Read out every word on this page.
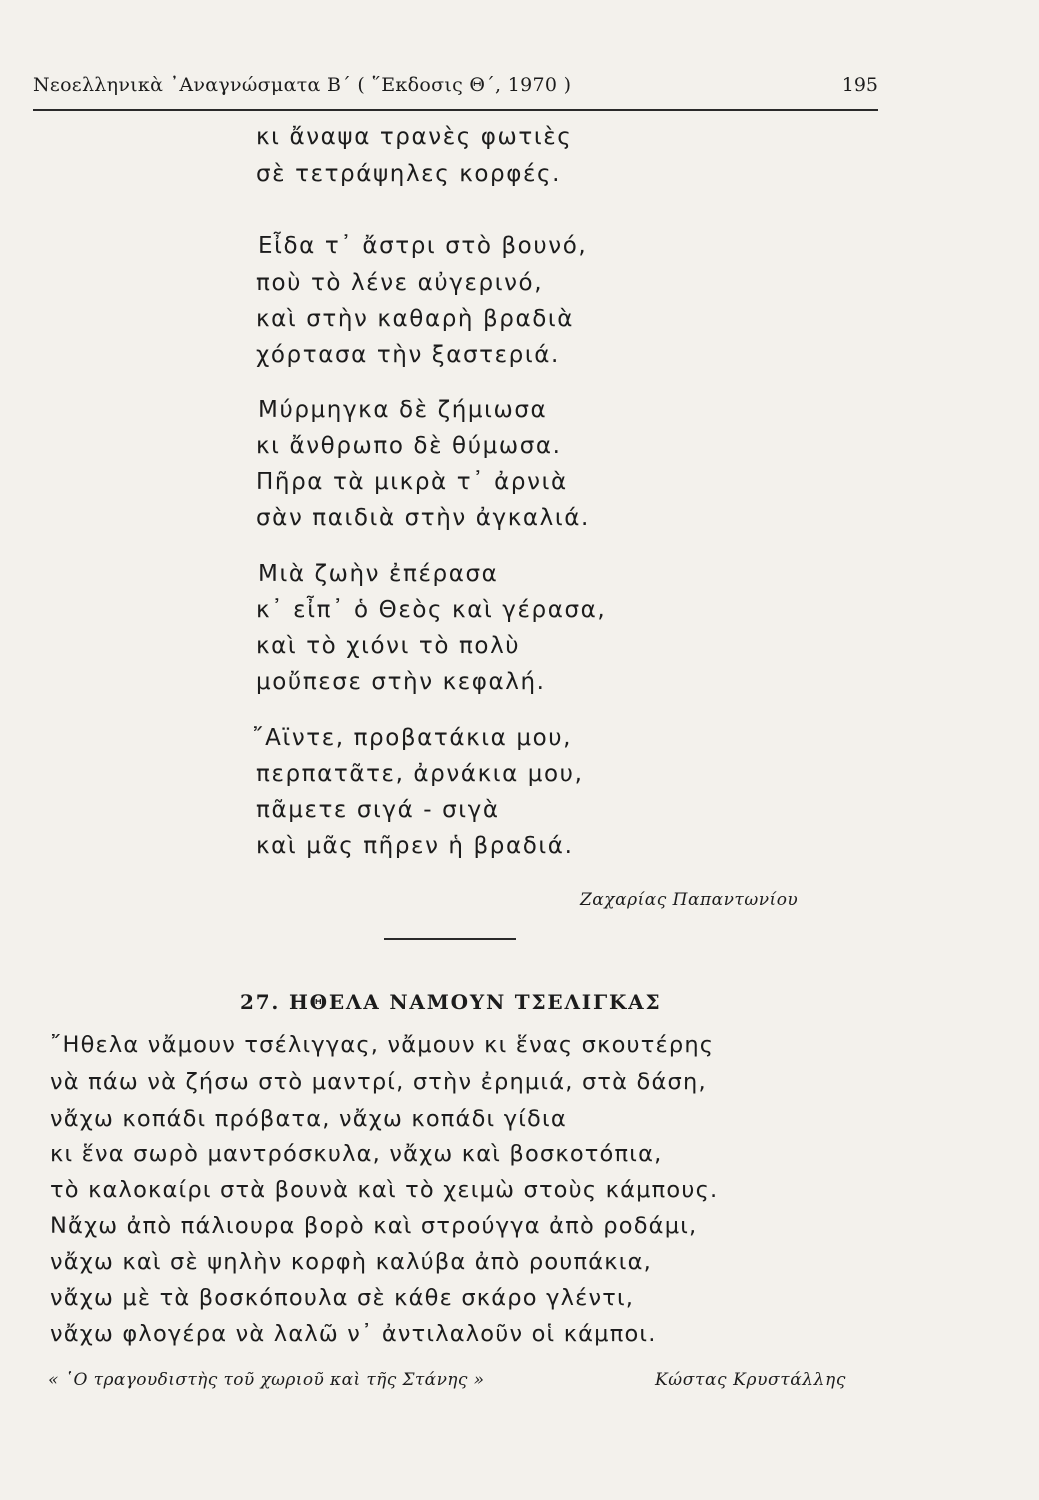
Νεοελληνικὰ ᾿Αναγνώσματα Β΄ ( ῞Εκδοσις Θ΄, 1970 )	195
κι ἄναψα τρανὲς φωτιὲς
σὲ τετράψηλες κορφές.
Εἶδα τ᾿ ἄστρι στὸ βουνό,
ποὺ τὸ λένε αὐγερινό,
καὶ στὴν καθαρὴ βραδιὰ
χόρτασα τὴν ξαστεριά.
Μύρμηγκα δὲ ζήμιωσα
κι ἄνθρωπο δὲ θύμωσα.
Πῆρα τὰ μικρὰ τ᾿ ἀρνιὰ
σὰν παιδιὰ στὴν ἀγκαλιά.
Μιὰ ζωὴν ἐπέρασα
κ᾿ εἶπ᾿ ὁ Θεὸς καὶ γέρασα,
καὶ τὸ χιόνι τὸ πολὺ
μοὔπεσε στὴν κεφαλή.
῎Αϊντε, προβατάκια μου,
περπατᾶτε, ἀρνάκια μου,
πᾶμετε σιγά - σιγὰ
καὶ μᾶς πῆρεν ἡ βραδιά.
Ζαχαρίας Παπαντωνίου
27. ΗΘΕΛΑ ΝΑΜΟΥΝ ΤΣΕΛΙΓΚΑΣ
῎Ηθελα νἄμουν τσέλιγγας, νἄμουν κι ἕνας σκουτέρης
νὰ πάω νὰ ζήσω στὸ μαντρί, στὴν ἐρημιά, στὰ δάση,
νἄχω κοπάδι πρόβατα, νἄχω κοπάδι γίδια
κι ἕνα σωρὸ μαντρόσκυλα, νἄχω καὶ βοσκοτόπια,
τὸ καλοκαίρι στὰ βουνὰ καὶ τὸ χειμὼ στοὺς κάμπους.
Νἄχω ἀπὸ πάλιουρα βορὸ καὶ στρούγγα ἀπὸ ροδάμι,
νἄχω καὶ σὲ ψηλὴν κορφὴ καλύβα ἀπὸ ρουπάκια,
νἄχω μὲ τὰ βοσκόπουλα σὲ κάθε σκάρο γλέντι,
νἄχω φλογέρα νὰ λαλῶ ν᾿ ἀντιλαλοῦν οἱ κάμποι.
« ῾Ο τραγουδιστὴς τοῦ χωριοῦ καὶ τῆς Στάνης »	Κώστας Κρυστάλλης
